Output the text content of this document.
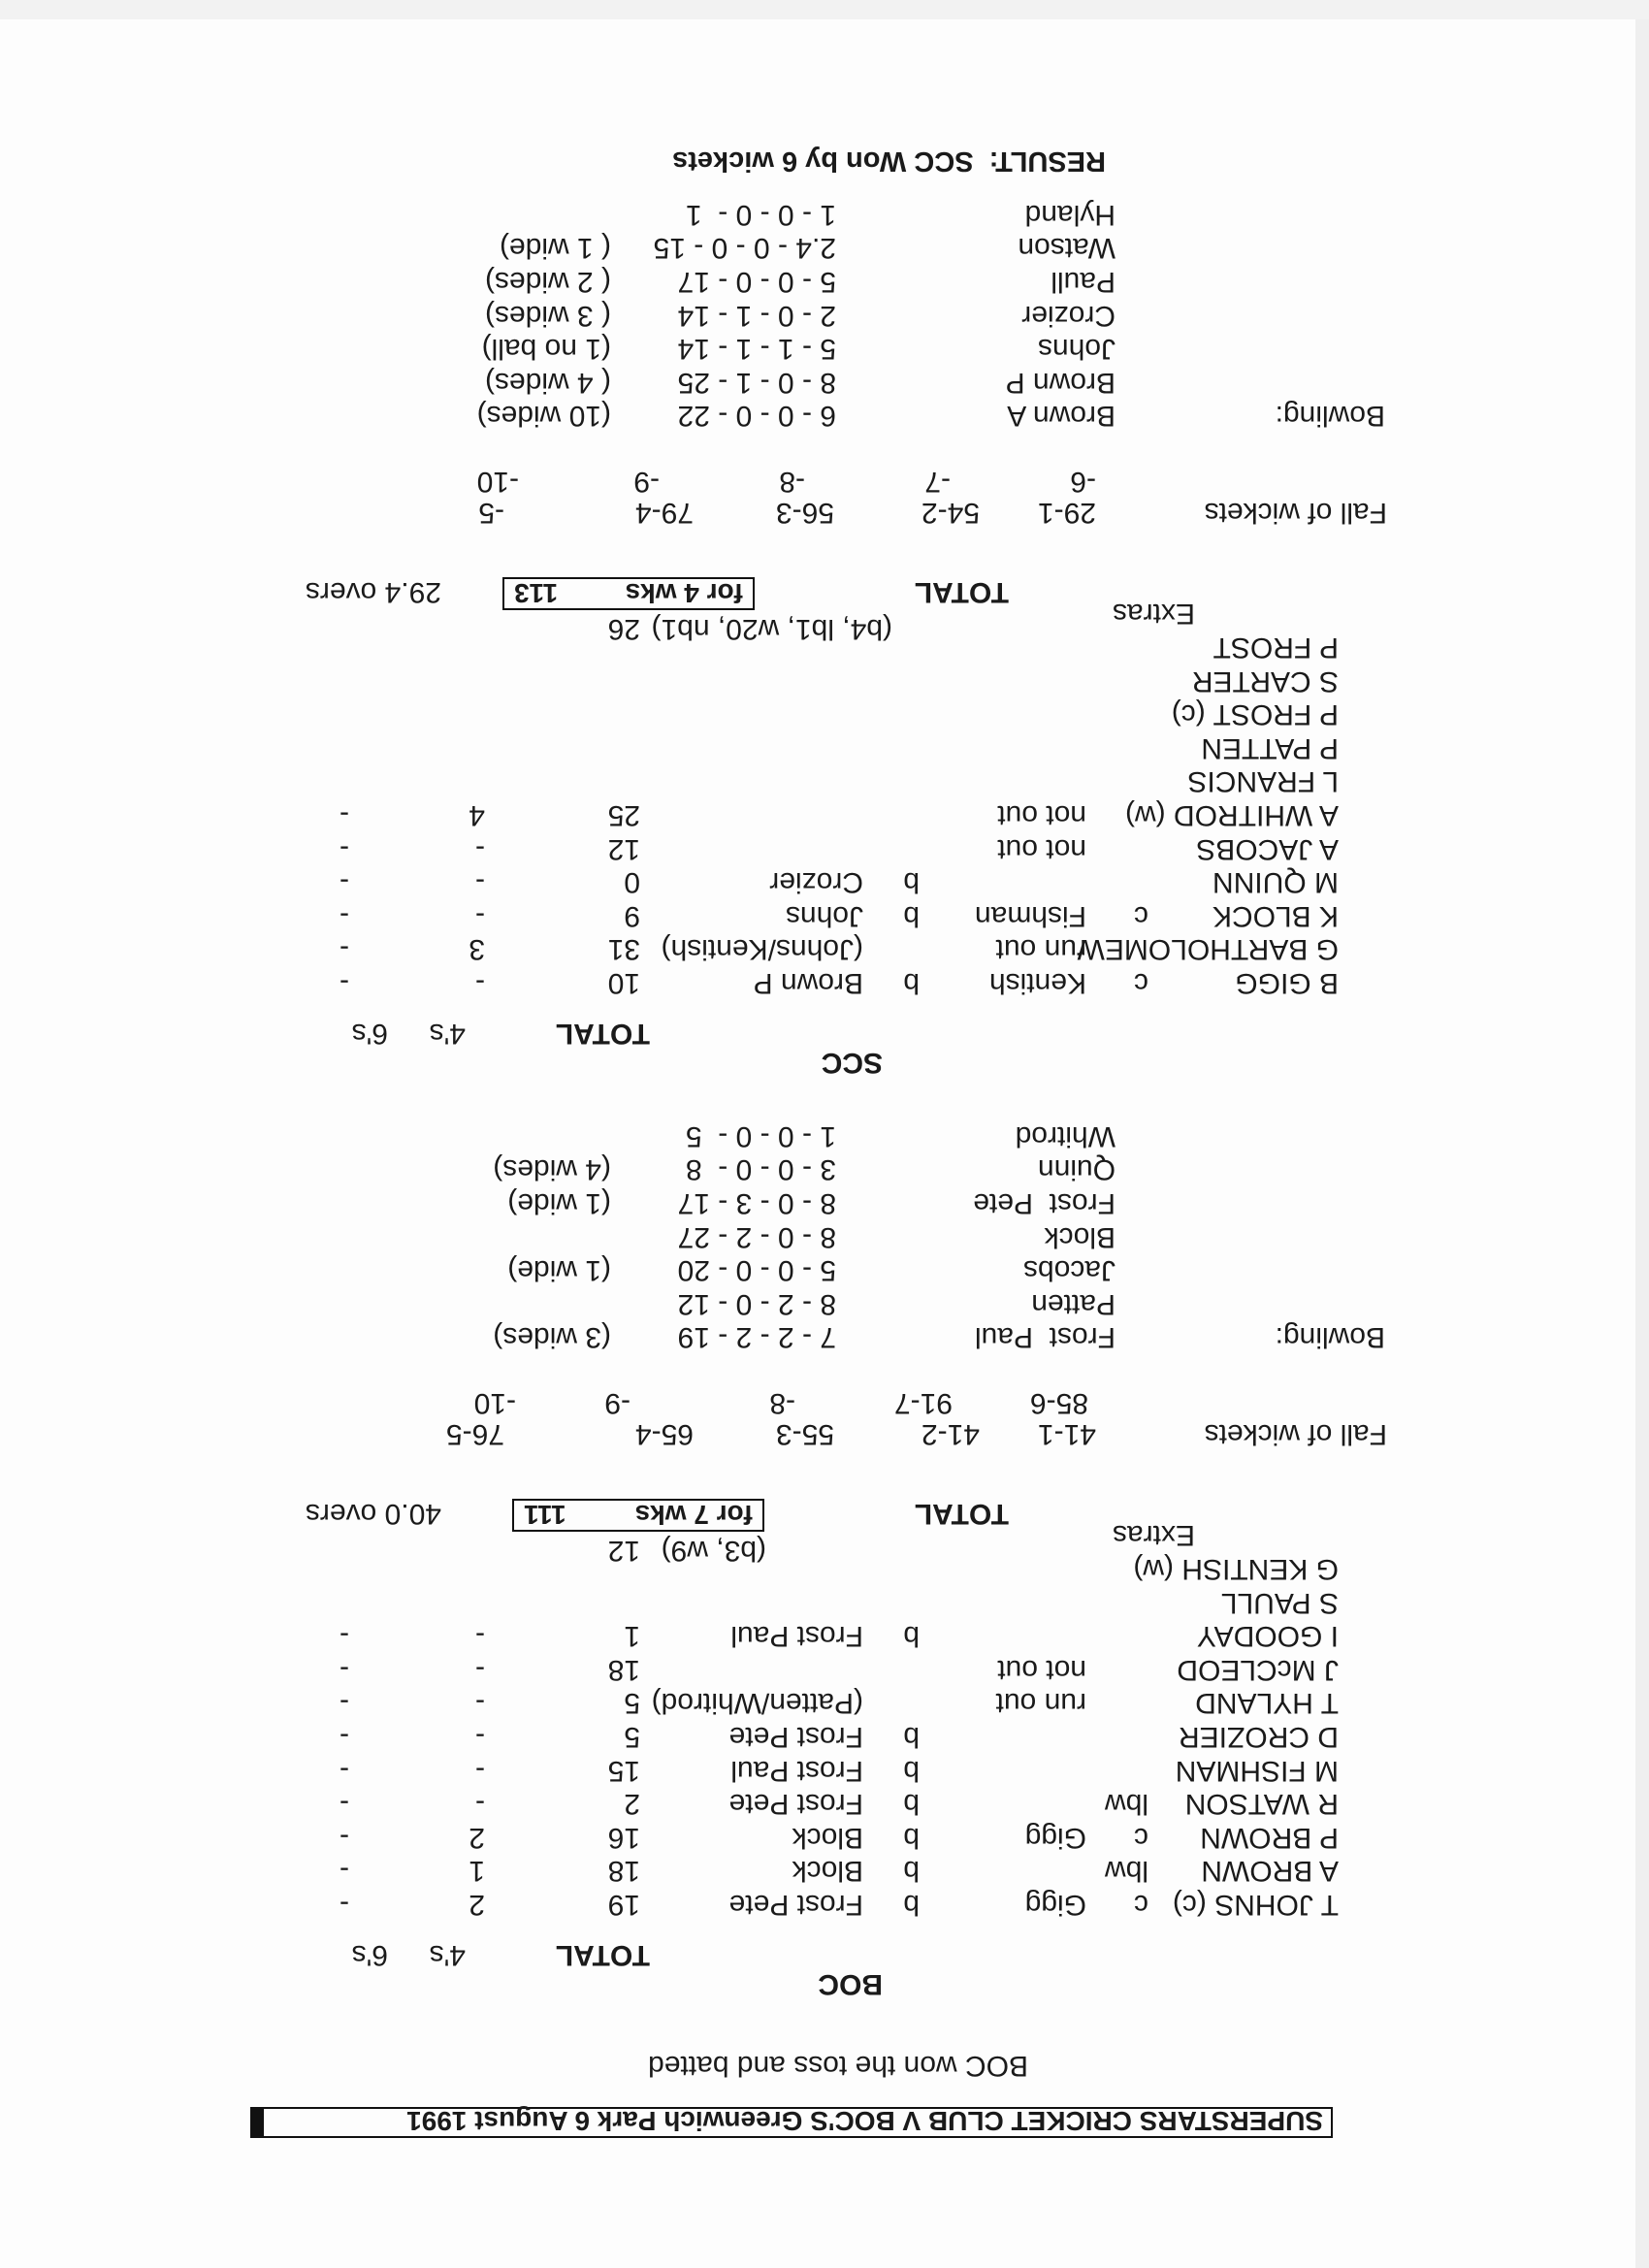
SUPERSTARS CRICKET CLUB V BOC'S Greenwich Park 6 August 1991
BOC won the toss and batted
BOC
TOTAL
4's
6's
T JOHNS (c)
c
Gigg
b
Frost Pete
19
2
-
A BROWN
lbw
b
Block
18
1
-
P BROWN
c
Gigg
b
Block
16
2
-
R WATSON
lbw
b
Frost Pete
2
-
-
M FISHMAN
b
Frost Paul
15
-
-
D CROZIER
b
Frost Pete
5
-
-
T HYLAND
run out
(Patten/Whitrod)
5
-
-
J McCLEOD
not out
18
-
-
I GOODAY
b
Frost Paul
1
-
-
S PAULL
G KENTISH (w)
Extras
(b3, w9)
12
TOTAL
for 7 wks
111
40.0 overs
Fall of wickets
41-1
41-2
55-3
65-4
76-5
85-6
91-7
-8
-9
-10
Bowling:
Frost  Paul
7 - 2 - 2 - 19
(3 wides)
Patten
8 - 2 - 0 - 12
Jacobs
5 - 0 - 0 - 20
(1 wide)
Block
8 - 0 - 2 - 27
Frost  Pete
8 - 0 - 3 - 17
(1 wide)
Quinn
3 - 0 - 0 -  8
(4 wides)
Whitrod
1 - 0 - 0 -  5
SCC
TOTAL
4's
6's
B GIGG
c
Kentish
b
Brown P
10
-
-
G BARTHOLOMEW
run out
(Johns/Kentish)
31
3
-
K BLOCK
c
Fishman
b
Johns
9
-
-
M QUINN
b
Crozier
0
-
-
A JACOBS
not out
12
-
-
A WHITROD (w)
not out
25
4
-
L FRANCIS
P PATTEN
P FROST (c)
S CARTER
P FROST
Extras
(b4, lb1, w20, nb1)
26
TOTAL
for 4 wks
113
29.4 overs
Fall of wickets
29-1
54-2
56-3
79-4
-5
-6
-7
-8
-9
-10
Bowling:
Brown A
6 - 0 - 0 - 22
(10 wides)
Brown P
8 - 0 - 1 - 25
( 4 wides)
Johns
5 - 1 - 1 - 14
(1 no ball)
Crozier
2 - 0 - 1 - 14
( 3 wides)
Paull
5 - 0 - 0 - 17
( 2 wides)
Watson
2.4 - 0 - 0 - 15
( 1 wide)
Hyland
1 - 0 - 0 -  1
RESULT:  SCC Won by 6 wickets
